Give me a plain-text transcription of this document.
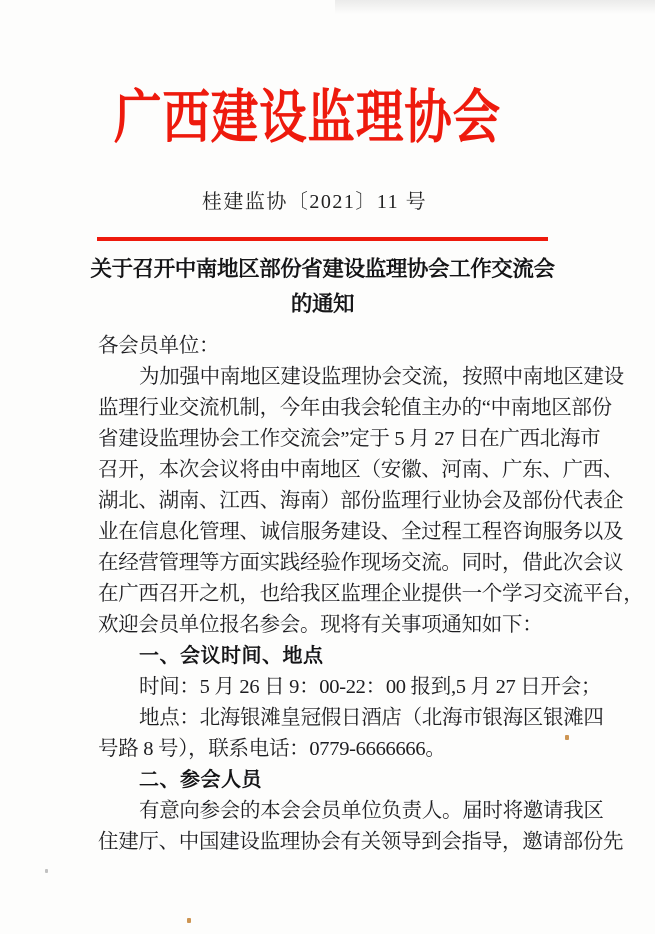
广西建设监理协会
桂建监协〔2021〕11 号
关于召开中南地区部份省建设监理协会工作交流会
的通知
各会员单位：
为加强中南地区建设监理协会交流，按照中南地区建设
监理行业交流机制，今年由我会轮值主办的“中南地区部份
省建设监理协会工作交流会”定于 5 月 27 日在广西北海市
召开，本次会议将由中南地区（安徽、河南、广东、广西、
湖北、湖南、江西、海南）部份监理行业协会及部份代表企
业在信息化管理、诚信服务建设、全过程工程咨询服务以及
在经营管理等方面实践经验作现场交流。同时，借此次会议
在广西召开之机，也给我区监理企业提供一个学习交流平台，
欢迎会员单位报名参会。现将有关事项通知如下：
一、会议时间、地点
时间：5 月 26 日 9：00-22：00 报到,5 月 27 日开会；
地点：北海银滩皇冠假日酒店（北海市银海区银滩四
号路 8 号），联系电话：0779-6666666。
二、参会人员
有意向参会的本会会员单位负责人。届时将邀请我区
住建厅、中国建设监理协会有关领导到会指导，邀请部份先
